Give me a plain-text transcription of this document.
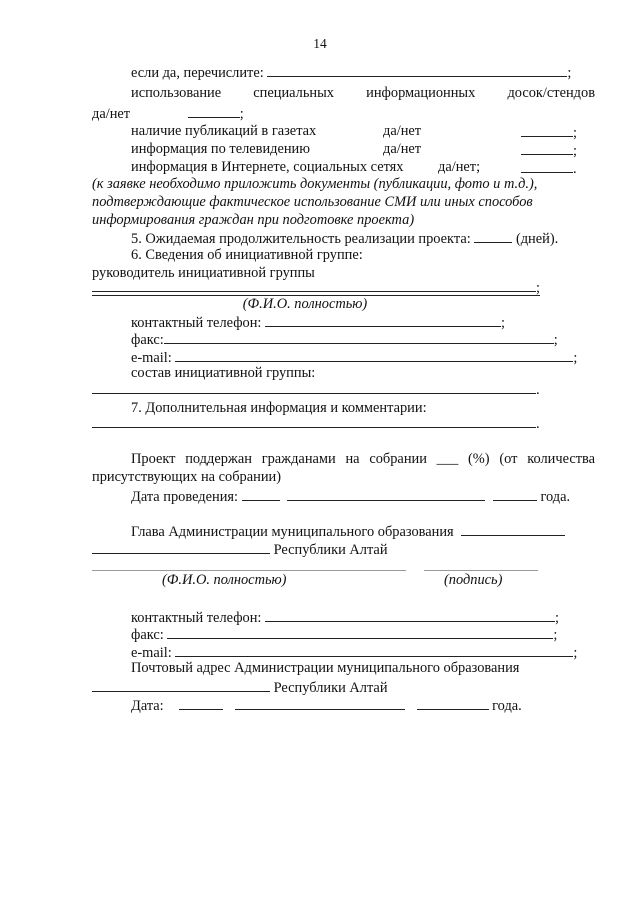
14
если да, перечислите:	;
использование специальных информационных досок/стендов
да/нет	;
наличие публикаций в газетах	да/нет	;
информация по телевидению	да/нет	;
информация в Интернете, социальных сетях да/нет;	.
(к заявке необходимо приложить документы (публикации, фото и т.д.),
подтверждающие фактическое использование СМИ или иных способов
информирования граждан при подготовке проекта)
5. Ожидаемая продолжительность реализации проекта:	(дней).
6. Сведения об инициативной группе:
руководитель инициативной группы
;
(Ф.И.О. полностью)
контактный телефон:	;
факс:	;
e-mail:	;
состав инициативной группы:
.
7. Дополнительная информация и комментарии:
.
Проект поддержан гражданами на собрании ___ (%) (от количества
присутствующих на собрании)
Дата проведения:	года.
Глава Администрации муниципального образования
Республики Алтай
(Ф.И.О. полностью)	(подпись)
контактный телефон:	;
факс:	;
e-mail:	;
Почтовый адрес Администрации муниципального образования
Республики Алтай
Дата:	года.
